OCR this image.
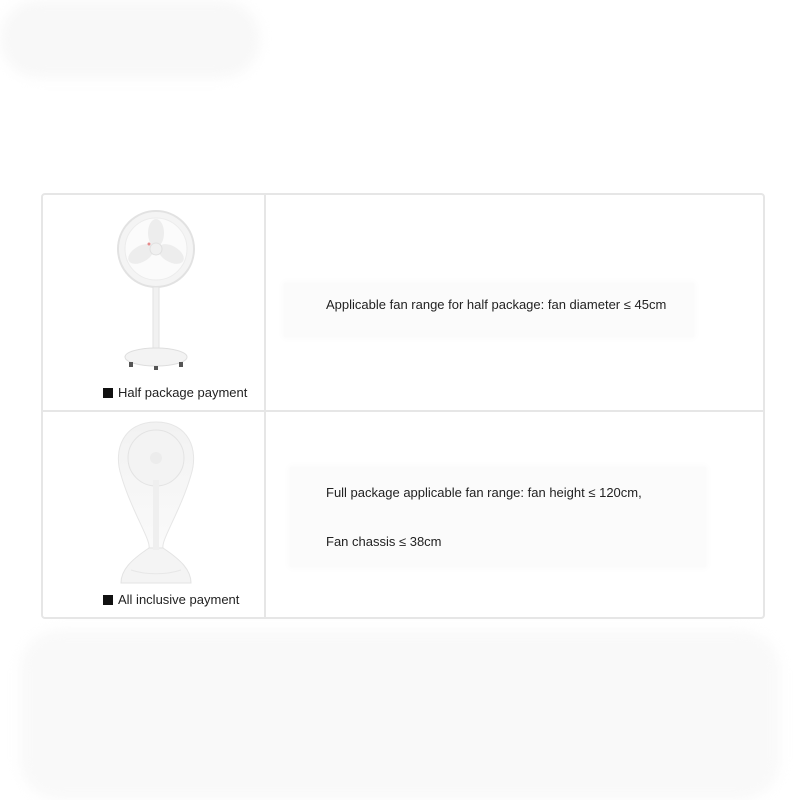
Half package payment
Applicable fan range for half package: fan diameter ≤ 45cm
All inclusive payment
Full package applicable fan range: fan height ≤ 120cm,
Fan chassis ≤ 38cm
